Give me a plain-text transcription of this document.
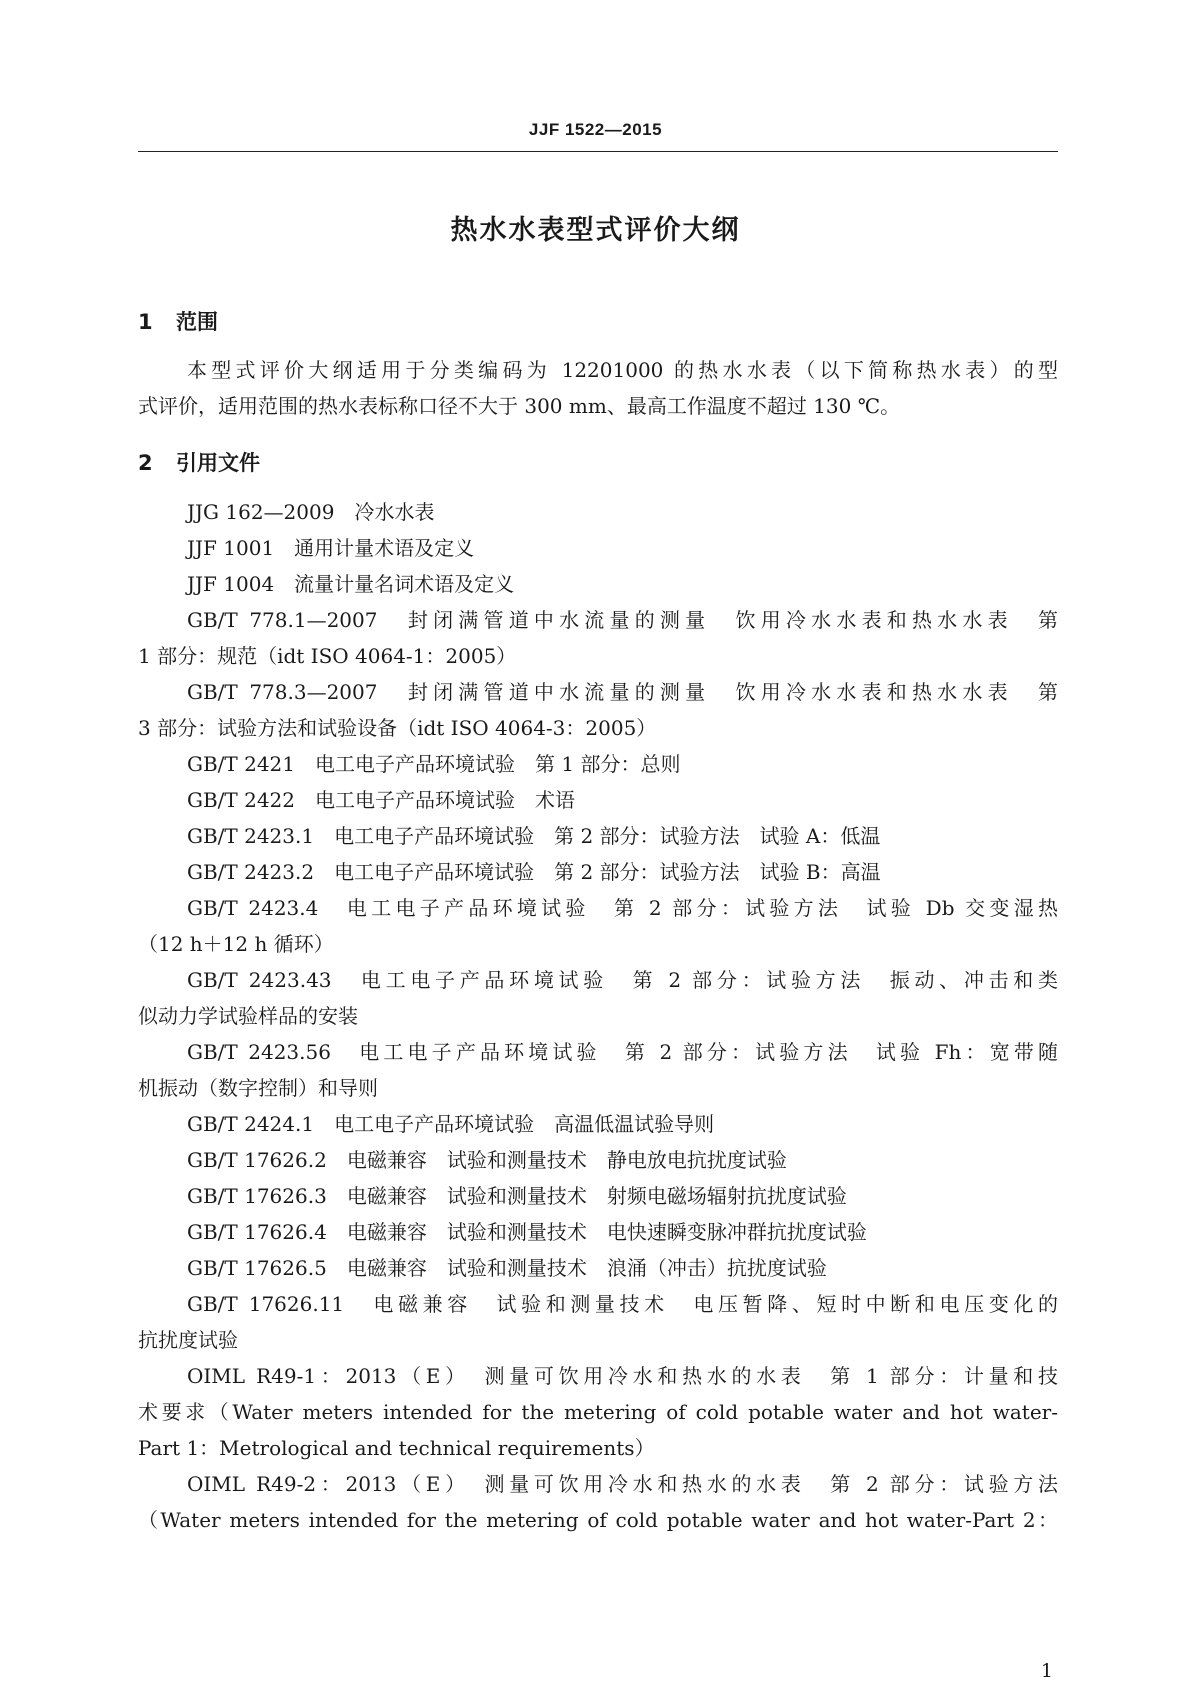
JJF 1522—2015
热水水表型式评价大纲
1 范围
本型式评价大纲适用于分类编码为 12201000 的热水水表（以下简称热水表）的型
式评价，适用范围的热水表标称口径不大于 300 mm、最高工作温度不超过 130 ℃。
2 引用文件
JJG 162—2009　冷水水表
JJF 1001　通用计量术语及定义
JJF 1004　流量计量名词术语及定义
GB/T 778.1—2007　封闭满管道中水流量的测量　饮用冷水水表和热水水表　第
1 部分：规范（idt ISO 4064-1：2005）
GB/T 778.3—2007　封闭满管道中水流量的测量　饮用冷水水表和热水水表　第
3 部分：试验方法和试验设备（idt ISO 4064-3：2005）
GB/T 2421　电工电子产品环境试验　第 1 部分：总则
GB/T 2422　电工电子产品环境试验　术语
GB/T 2423.1　电工电子产品环境试验　第 2 部分：试验方法　试验 A：低温
GB/T 2423.2　电工电子产品环境试验　第 2 部分：试验方法　试验 B：高温
GB/T 2423.4　电工电子产品环境试验　第 2 部分：试验方法　试验 Db 交变湿热
（12 h＋12 h 循环）
GB/T 2423.43　电工电子产品环境试验　第 2 部分：试验方法　振动、冲击和类
似动力学试验样品的安装
GB/T 2423.56　电工电子产品环境试验　第 2 部分：试验方法　试验 Fh：宽带随
机振动（数字控制）和导则
GB/T 2424.1　电工电子产品环境试验　高温低温试验导则
GB/T 17626.2　电磁兼容　试验和测量技术　静电放电抗扰度试验
GB/T 17626.3　电磁兼容　试验和测量技术　射频电磁场辐射抗扰度试验
GB/T 17626.4　电磁兼容　试验和测量技术　电快速瞬变脉冲群抗扰度试验
GB/T 17626.5　电磁兼容　试验和测量技术　浪涌（冲击）抗扰度试验
GB/T 17626.11　电磁兼容　试验和测量技术　电压暂降、短时中断和电压变化的
抗扰度试验
OIML R49-1：2013（E）　测量可饮用冷水和热水的水表　第 1 部分：计量和技
术要求（Water meters intended for the metering of cold potable water and hot water-
Part 1：Metrological and technical requirements）
OIML R49-2：2013（E）　测量可饮用冷水和热水的水表　第 2 部分：试验方法
（Water meters intended for the metering of cold potable water and hot water-Part 2：
1
